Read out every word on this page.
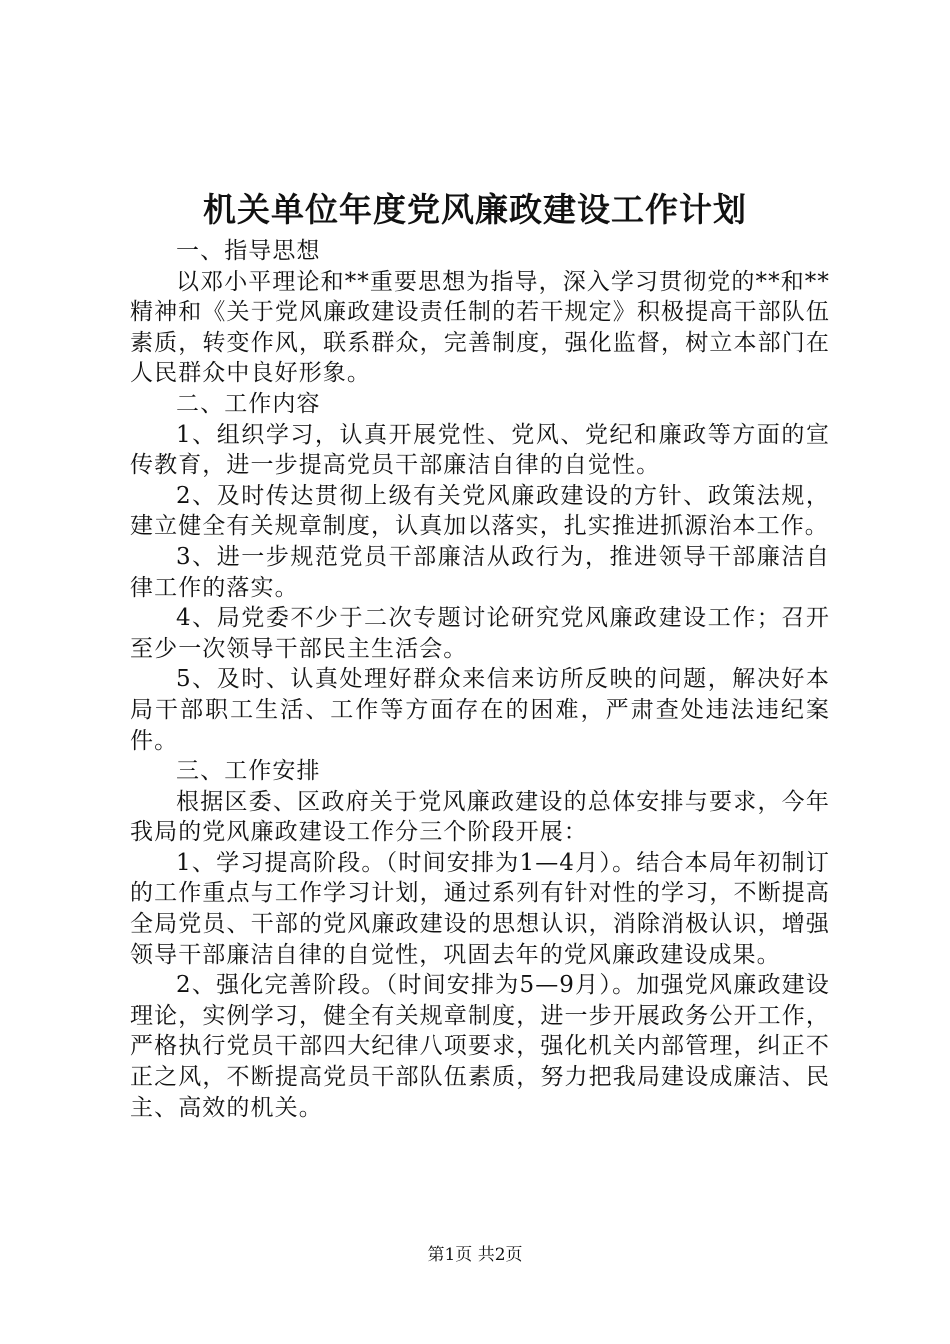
机关单位年度党风廉政建设工作计划

一、指导思想

以邓小平理论和**重要思想为指导，深入学习贯彻党的**和**精神和《关于党风廉政建设责任制的若干规定》积极提高干部队伍素质，转变作风，联系群众，完善制度，强化监督，树立本部门在人民群众中良好形象。

二、工作内容

1、组织学习，认真开展党性、党风、党纪和廉政等方面的宣传教育，进一步提高党员干部廉洁自律的自觉性。

2、及时传达贯彻上级有关党风廉政建设的方针、政策法规，建立健全有关规章制度，认真加以落实，扎实推进抓源治本工作。

3、进一步规范党员干部廉洁从政行为，推进领导干部廉洁自律工作的落实。

4、局党委不少于二次专题讨论研究党风廉政建设工作；召开至少一次领导干部民主生活会。

5、及时、认真处理好群众来信来访所反映的问题，解决好本局干部职工生活、工作等方面存在的困难，严肃查处违法违纪案件。

三、工作安排

根据区委、区政府关于党风廉政建设的总体安排与要求，今年我局的党风廉政建设工作分三个阶段开展：

1、学习提高阶段。（时间安排为1—4月）。结合本局年初制订的工作重点与工作学习计划，通过系列有针对性的学习，不断提高全局党员、干部的党风廉政建设的思想认识，消除消极认识，增强领导干部廉洁自律的自觉性，巩固去年的党风廉政建设成果。

2、强化完善阶段。（时间安排为5—9月）。加强党风廉政建设理论，实例学习，健全有关规章制度，进一步开展政务公开工作，严格执行党员干部四大纪律八项要求，强化机关内部管理，纠正不正之风，不断提高党员干部队伍素质，努力把我局建设成廉洁、民主、高效的机关。

第1页 共2页
